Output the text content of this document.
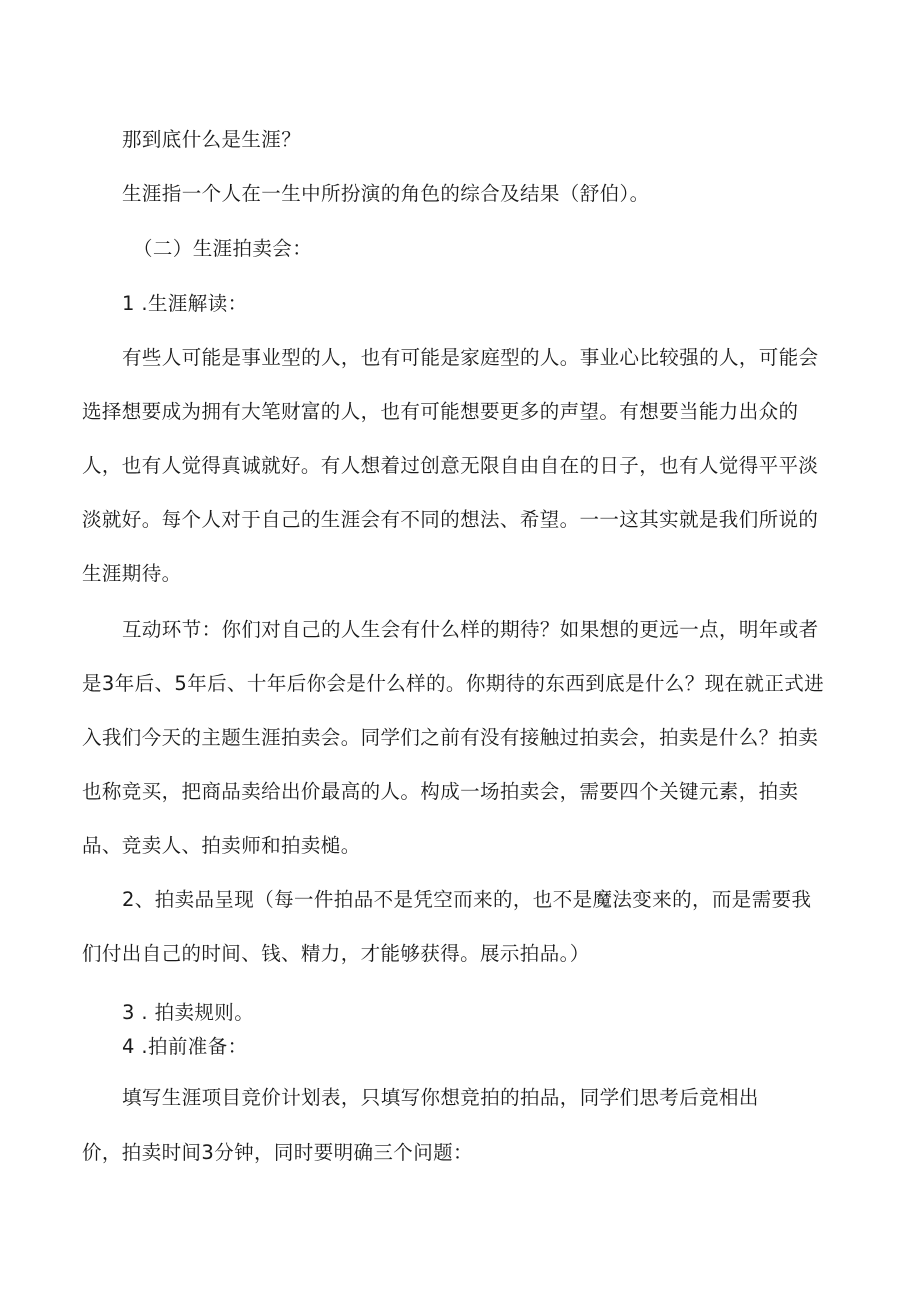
那到底什么是生涯？
生涯指一个人在一生中所扮演的角色的综合及结果（舒伯）。
（二）生涯拍卖会：
1 .生涯解读：
有些人可能是事业型的人，也有可能是家庭型的人。事业心比较强的人，可能会
选择想要成为拥有大笔财富的人，也有可能想要更多的声望。有想要当能力出众的
人，也有人觉得真诚就好。有人想着过创意无限自由自在的日子，也有人觉得平平淡
淡就好。每个人对于自己的生涯会有不同的想法、希望。一一这其实就是我们所说的
生涯期待。
互动环节：你们对自己的人生会有什么样的期待？如果想的更远一点，明年或者
是3年后、5年后、十年后你会是什么样的。你期待的东西到底是什么？现在就正式进
入我们今天的主题生涯拍卖会。同学们之前有没有接触过拍卖会，拍卖是什么？拍卖
也称竞买，把商品卖给出价最高的人。构成一场拍卖会，需要四个关键元素，拍卖
品、竞卖人、拍卖师和拍卖槌。
2、拍卖品呈现（每一件拍品不是凭空而来的，也不是魔法变来的，而是需要我
们付出自己的时间、钱、精力，才能够获得。展示拍品。）
3 . 拍卖规则。
4 .拍前准备：
填写生涯项目竞价计划表，只填写你想竞拍的拍品，同学们思考后竞相出
价，拍卖时间3分钟，同时要明确三个问题：
